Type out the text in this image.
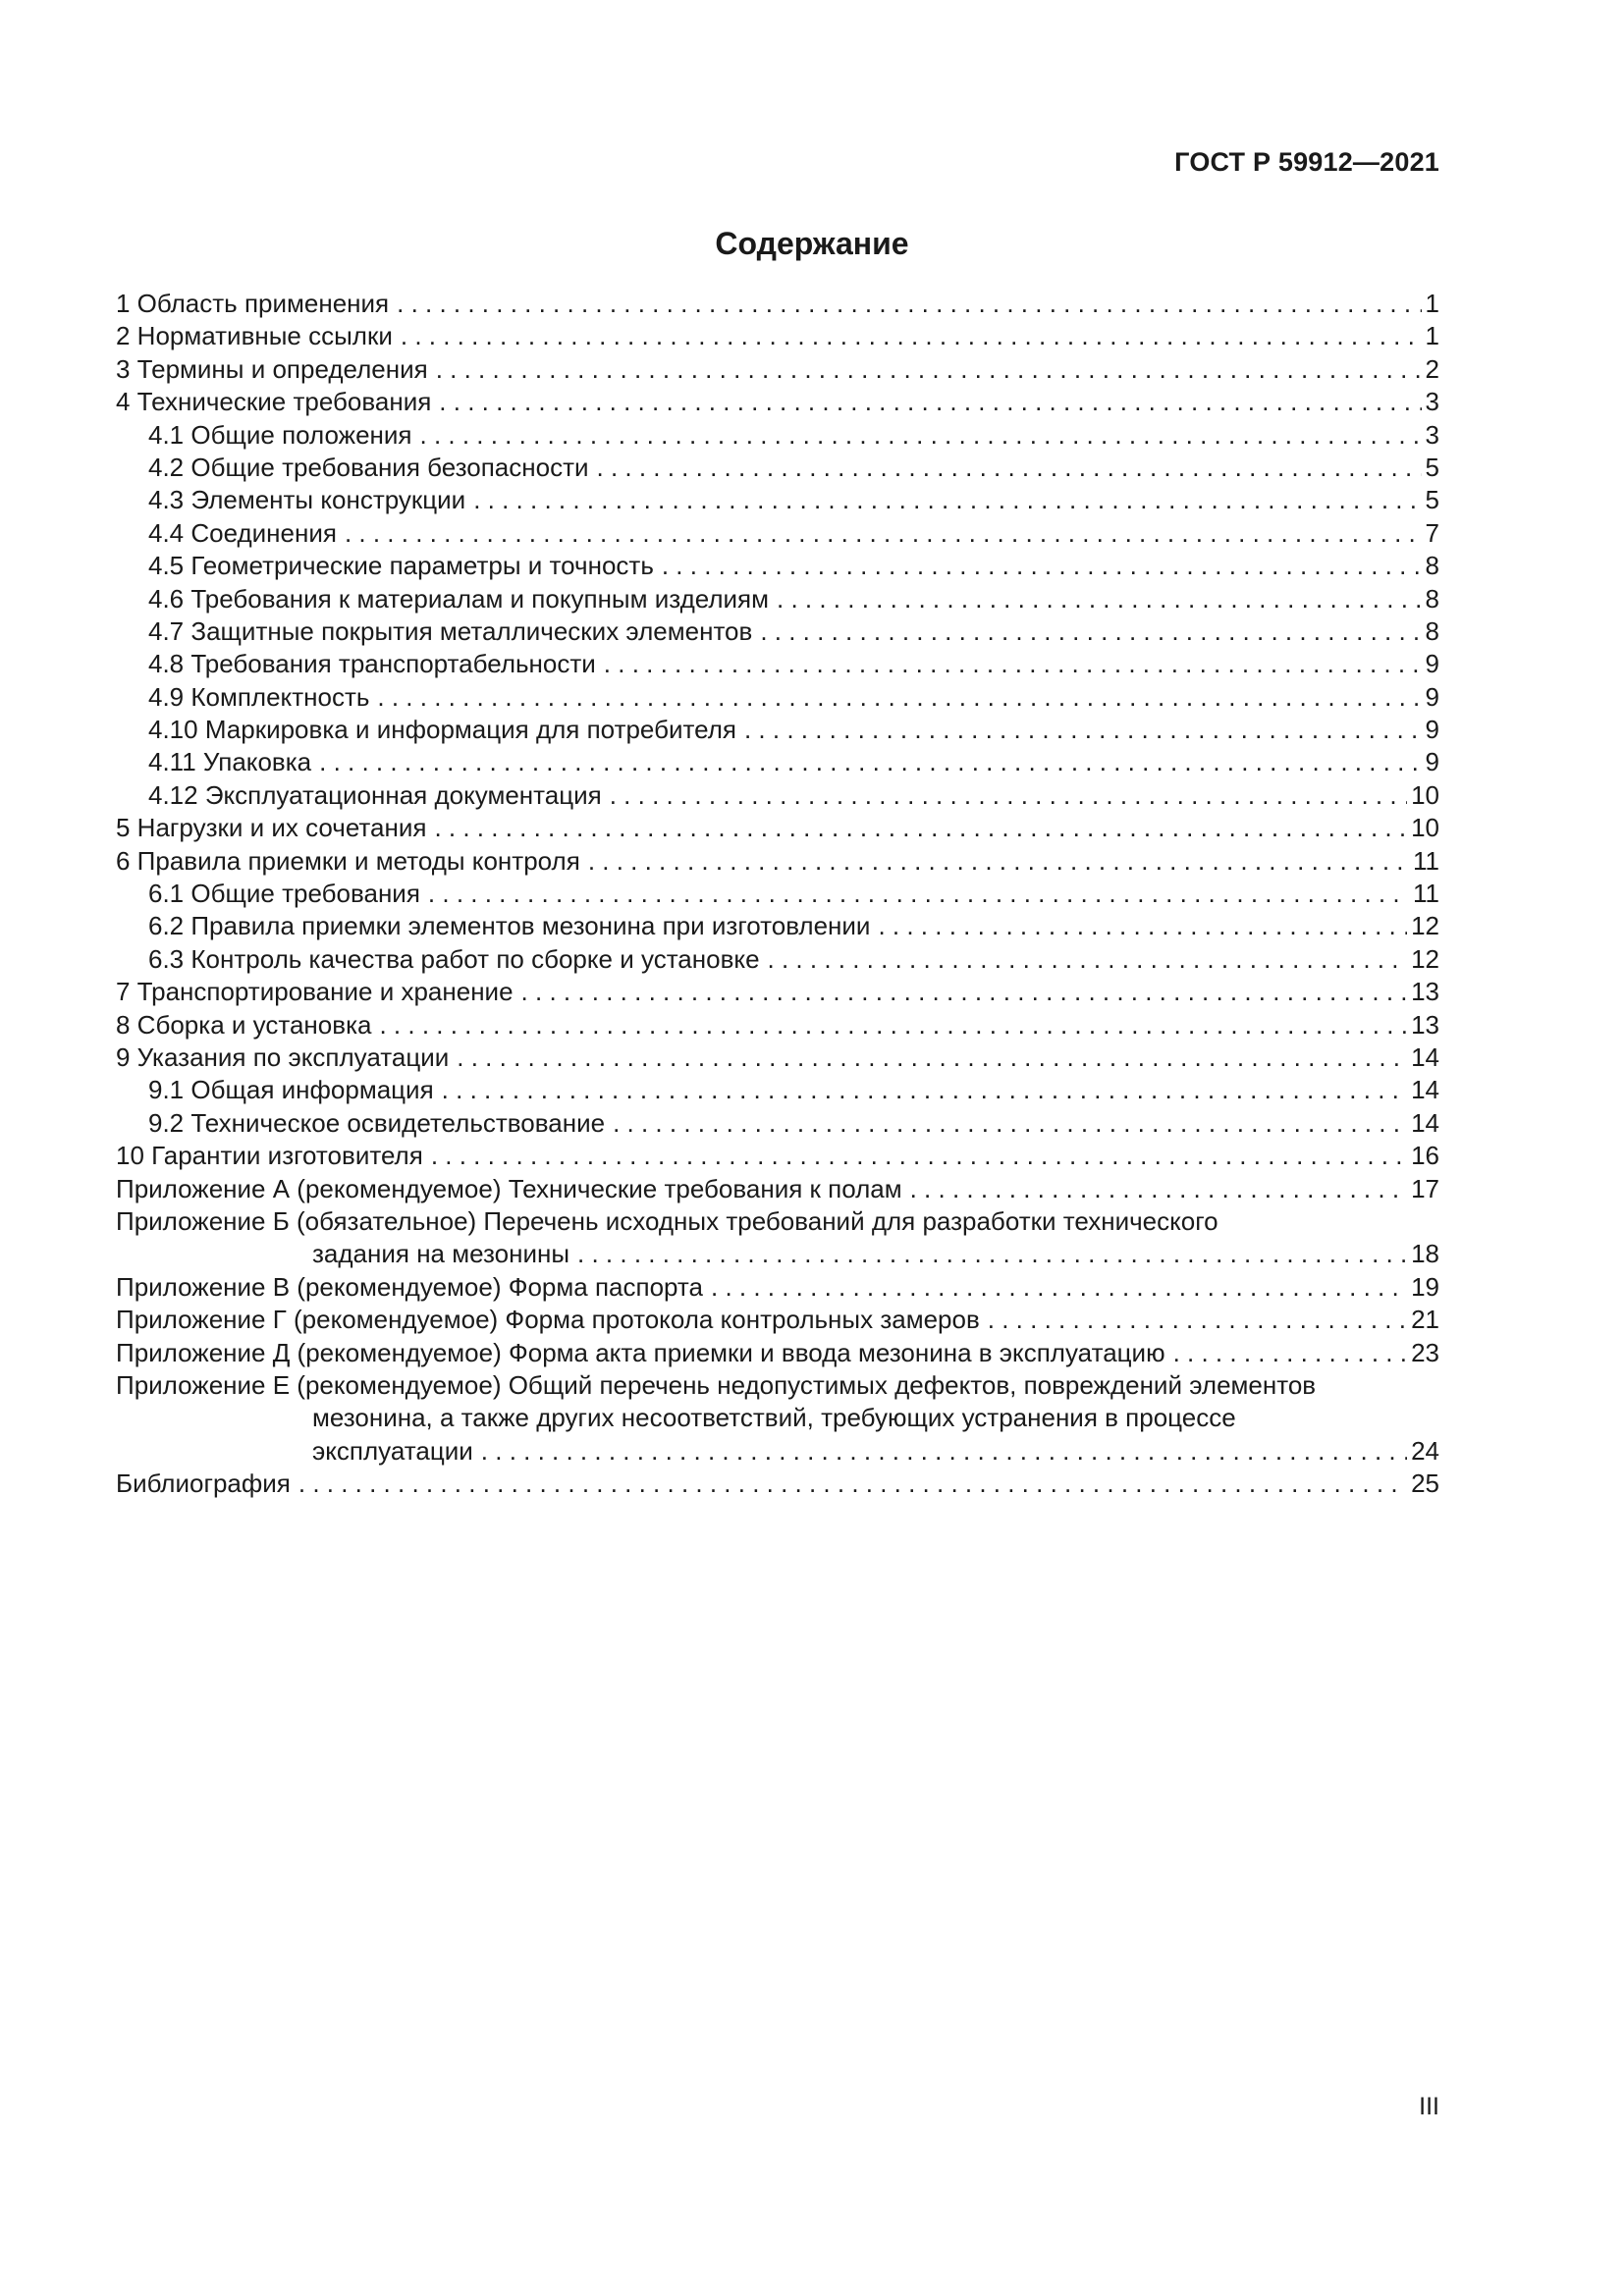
ГОСТ Р 59912—2021
Содержание
1 Область применения . . .	1
2 Нормативные ссылки . . .	1
3 Термины и определения . . .	2
4 Технические требования . . .	3
4.1 Общие положения . . .	3
4.2 Общие требования безопасности . . .	5
4.3 Элементы конструкции . . .	5
4.4 Соединения . . .	7
4.5 Геометрические параметры и точность . . .	8
4.6 Требования к материалам и покупным изделиям . . .	8
4.7 Защитные покрытия металлических элементов . . .	8
4.8 Требования транспортабельности . . .	9
4.9 Комплектность . . .	9
4.10 Маркировка и информация для потребителя . . .	9
4.11 Упаковка . . .	9
4.12 Эксплуатационная документация . . .	10
5 Нагрузки и их сочетания . . .	10
6 Правила приемки и методы контроля . . .	11
6.1 Общие требования . . .	11
6.2 Правила приемки элементов мезонина при изготовлении . . .	12
6.3 Контроль качества работ по сборке и установке . . .	12
7 Транспортирование и хранение . . .	13
8 Сборка и установка . . .	13
9 Указания по эксплуатации . . .	14
9.1 Общая информация . . .	14
9.2 Техническое освидетельствование . . .	14
10 Гарантии изготовителя . . .	16
Приложение А (рекомендуемое) Технические требования к полам . . .	17
Приложение Б (обязательное) Перечень исходных требований для разработки технического
задания на мезонины . . .	18
Приложение В (рекомендуемое) Форма паспорта . . .	19
Приложение Г (рекомендуемое) Форма протокола контрольных замеров . . .	21
Приложение Д (рекомендуемое) Форма акта приемки и ввода мезонина в эксплуатацию . . .	23
Приложение Е (рекомендуемое) Общий перечень недопустимых дефектов, повреждений элементов
мезонина, а также других несоответствий, требующих устранения в процессе
эксплуатации . . .	24
Библиография . . .	25
III
